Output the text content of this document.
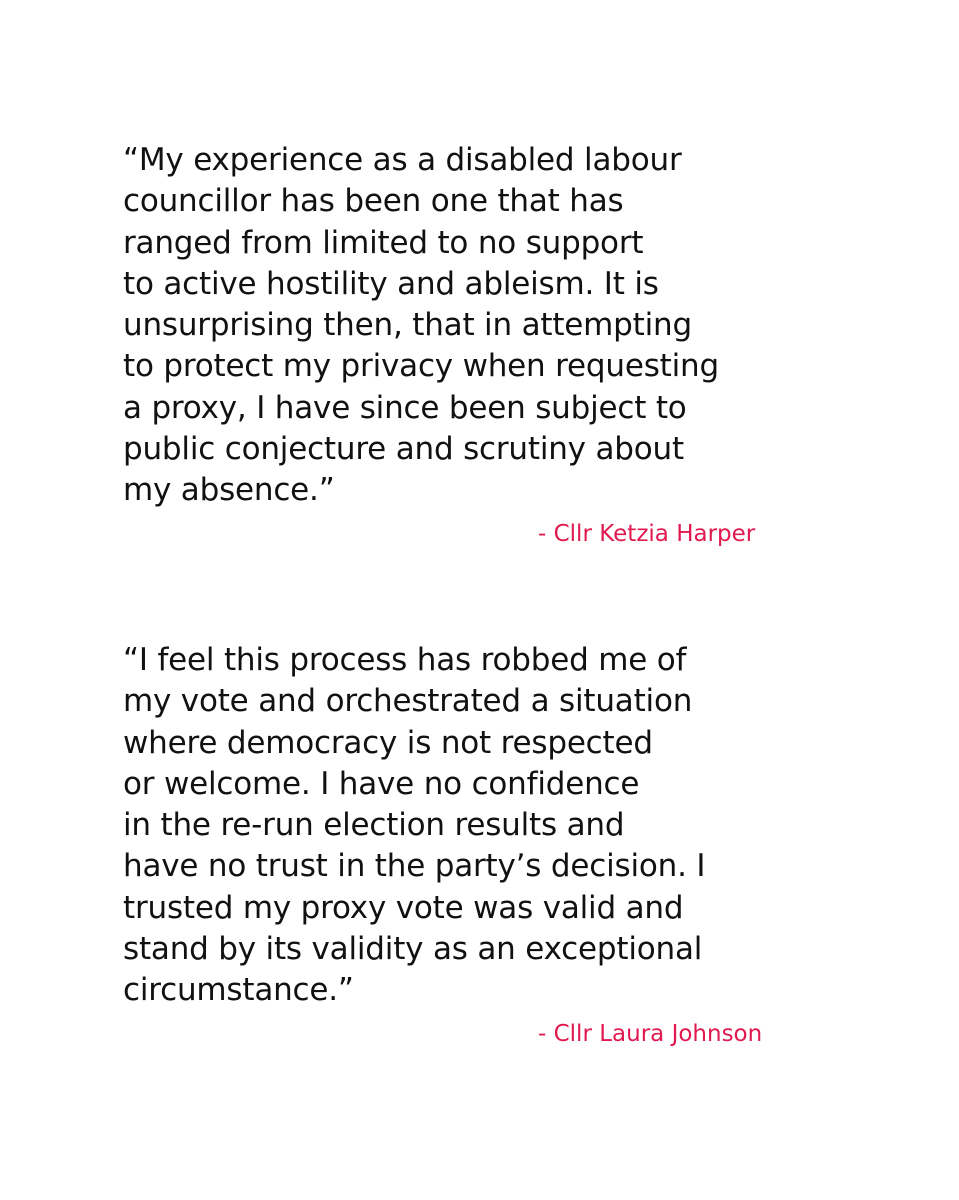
“My experience as a disabled labour
councillor has been one that has
ranged from limited to no support
to active hostility and ableism. It is
unsurprising then, that in attempting
to protect my privacy when requesting
a proxy, I have since been subject to
public conjecture and scrutiny about
my absence.”
- Cllr Ketzia Harper
“I feel this process has robbed me of
my vote and orchestrated a situation
where democracy is not respected
or welcome. I have no confidence
in the re-run election results and
have no trust in the party’s decision. I
trusted my proxy vote was valid and
stand by its validity as an exceptional
circumstance.”
- Cllr Laura Johnson
